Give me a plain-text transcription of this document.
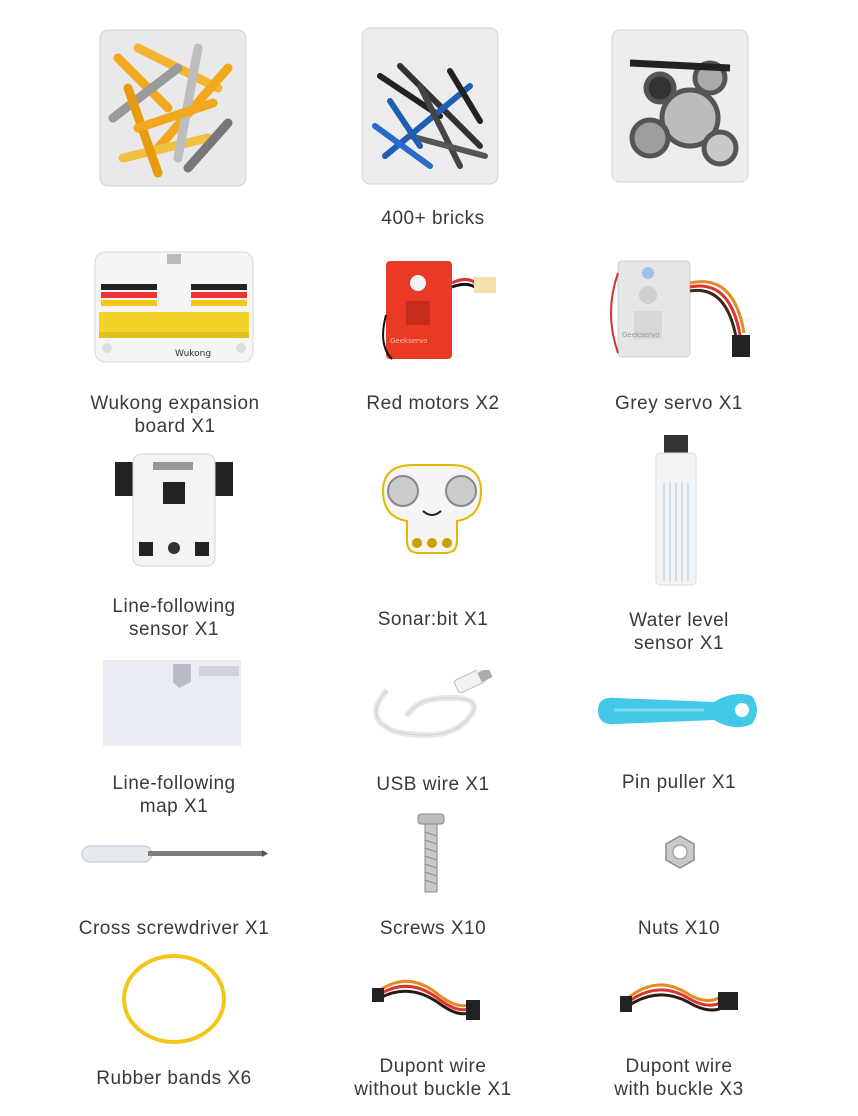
400+ bricks
Wukong
Geekservo
Geekservo
Wukong expansion
board X1
Red motors X2	Grey servo X1
Line-following
sensor X1	Sonar:bit X1	Water level
sensor X1
Line-following
map X1
USB wire X1	Pin puller X1
Cross screwdriver X1	Screws X10	Nuts X10
Rubber bands X6
Dupont wire
without buckle X1
Dupont wire
with buckle X3
